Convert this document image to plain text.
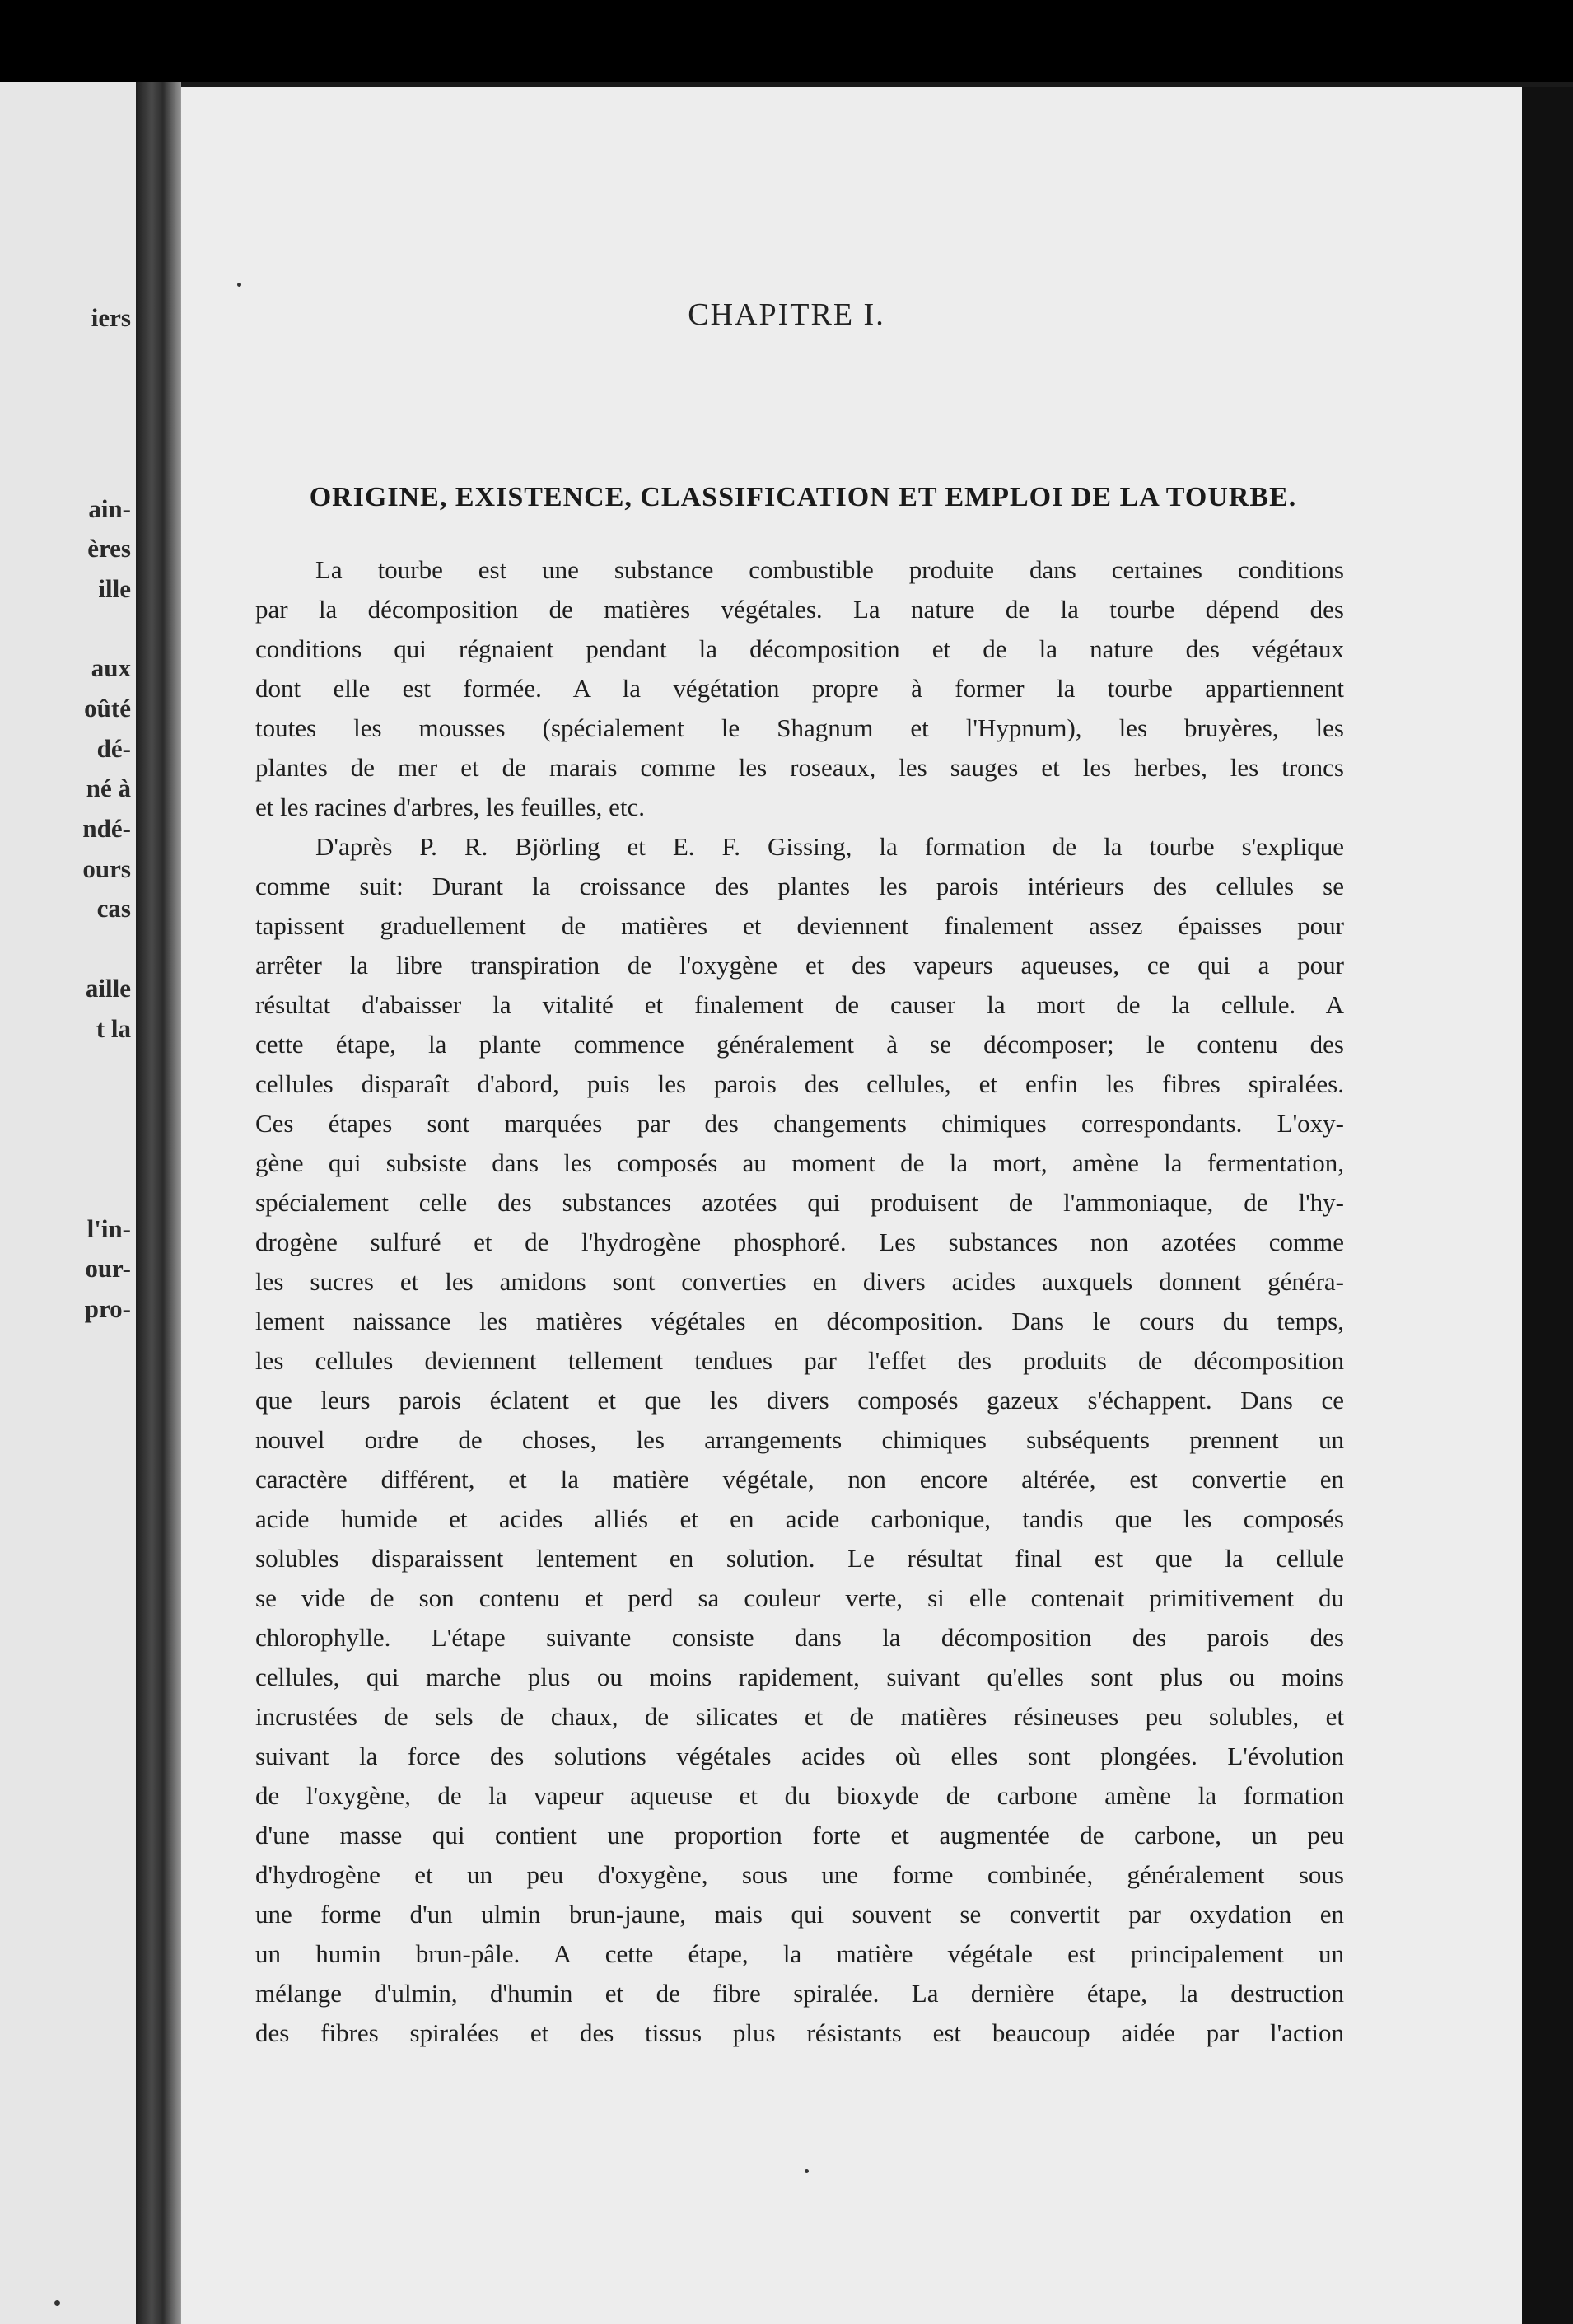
iers
ain-
ères
ille
aux
oûté
dé-
né à
ndé-
ours
cas
aille
t la
l'in-
our-
pro-
CHAPITRE I.
ORIGINE, EXISTENCE, CLASSIFICATION ET EMPLOI DE LA TOURBE.
La tourbe est une substance combustible produite dans certaines conditions
par la décomposition de matières végétales. La nature de la tourbe dépend des
conditions qui régnaient pendant la décomposition et de la nature des végétaux
dont elle est formée. A la végétation propre à former la tourbe appartiennent
toutes les mousses (spécialement le Shagnum et l'Hypnum), les bruyères, les
plantes de mer et de marais comme les roseaux, les sauges et les herbes, les troncs
et les racines d'arbres, les feuilles, etc.
D'après P. R. Björling et E. F. Gissing, la formation de la tourbe s'explique
comme suit: Durant la croissance des plantes les parois intérieurs des cellules se
tapissent graduellement de matières et deviennent finalement assez épaisses pour
arrêter la libre transpiration de l'oxygène et des vapeurs aqueuses, ce qui a pour
résultat d'abaisser la vitalité et finalement de causer la mort de la cellule. A
cette étape, la plante commence généralement à se décomposer; le contenu des
cellules disparaît d'abord, puis les parois des cellules, et enfin les fibres spiralées.
Ces étapes sont marquées par des changements chimiques correspondants. L'oxy-
gène qui subsiste dans les composés au moment de la mort, amène la fermentation,
spécialement celle des substances azotées qui produisent de l'ammoniaque, de l'hy-
drogène sulfuré et de l'hydrogène phosphoré. Les substances non azotées comme
les sucres et les amidons sont converties en divers acides auxquels donnent généra-
lement naissance les matières végétales en décomposition. Dans le cours du temps,
les cellules deviennent tellement tendues par l'effet des produits de décomposition
que leurs parois éclatent et que les divers composés gazeux s'échappent. Dans ce
nouvel ordre de choses, les arrangements chimiques subséquents prennent un
caractère différent, et la matière végétale, non encore altérée, est convertie en
acide humide et acides alliés et en acide carbonique, tandis que les composés
solubles disparaissent lentement en solution. Le résultat final est que la cellule
se vide de son contenu et perd sa couleur verte, si elle contenait primitivement du
chlorophylle. L'étape suivante consiste dans la décomposition des parois des
cellules, qui marche plus ou moins rapidement, suivant qu'elles sont plus ou moins
incrustées de sels de chaux, de silicates et de matières résineuses peu solubles, et
suivant la force des solutions végétales acides où elles sont plongées. L'évolution
de l'oxygène, de la vapeur aqueuse et du bioxyde de carbone amène la formation
d'une masse qui contient une proportion forte et augmentée de carbone, un peu
d'hydrogène et un peu d'oxygène, sous une forme combinée, généralement sous
une forme d'un ulmin brun-jaune, mais qui souvent se convertit par oxydation en
un humin brun-pâle. A cette étape, la matière végétale est principalement un
mélange d'ulmin, d'humin et de fibre spiralée. La dernière étape, la destruction
des fibres spiralées et des tissus plus résistants est beaucoup aidée par l'action
